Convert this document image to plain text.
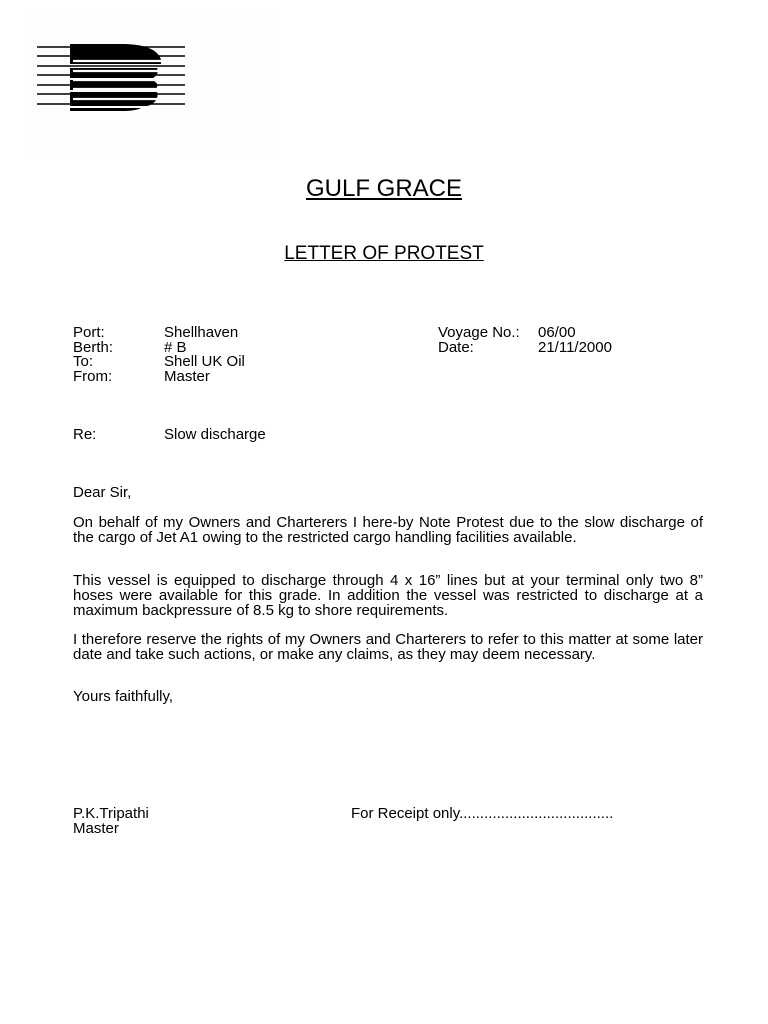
GULF GRACE
LETTER OF PROTEST
Port:	Shellhaven
Berth:	# B
To:	Shell UK Oil
From:	Master
Voyage No.: 06/00
Date:	21/11/2000
Re:	Slow discharge
Dear Sir,
On behalf of my Owners and Charterers I here-by Note Protest due to the slow discharge of the cargo of Jet A1 owing to the restricted cargo handling facilities available.
This vessel is equipped to discharge through 4 x 16” lines but at your terminal only two 8” hoses were available for this grade. In addition the vessel was restricted to discharge at a maximum backpressure of 8.5 kg to shore requirements.
I therefore reserve the rights of my Owners and Charterers to refer to this matter at some later date and take such actions, or make any claims, as they may deem necessary.
Yours faithfully,
P.K.Tripathi
Master
For Receipt only.....................................
